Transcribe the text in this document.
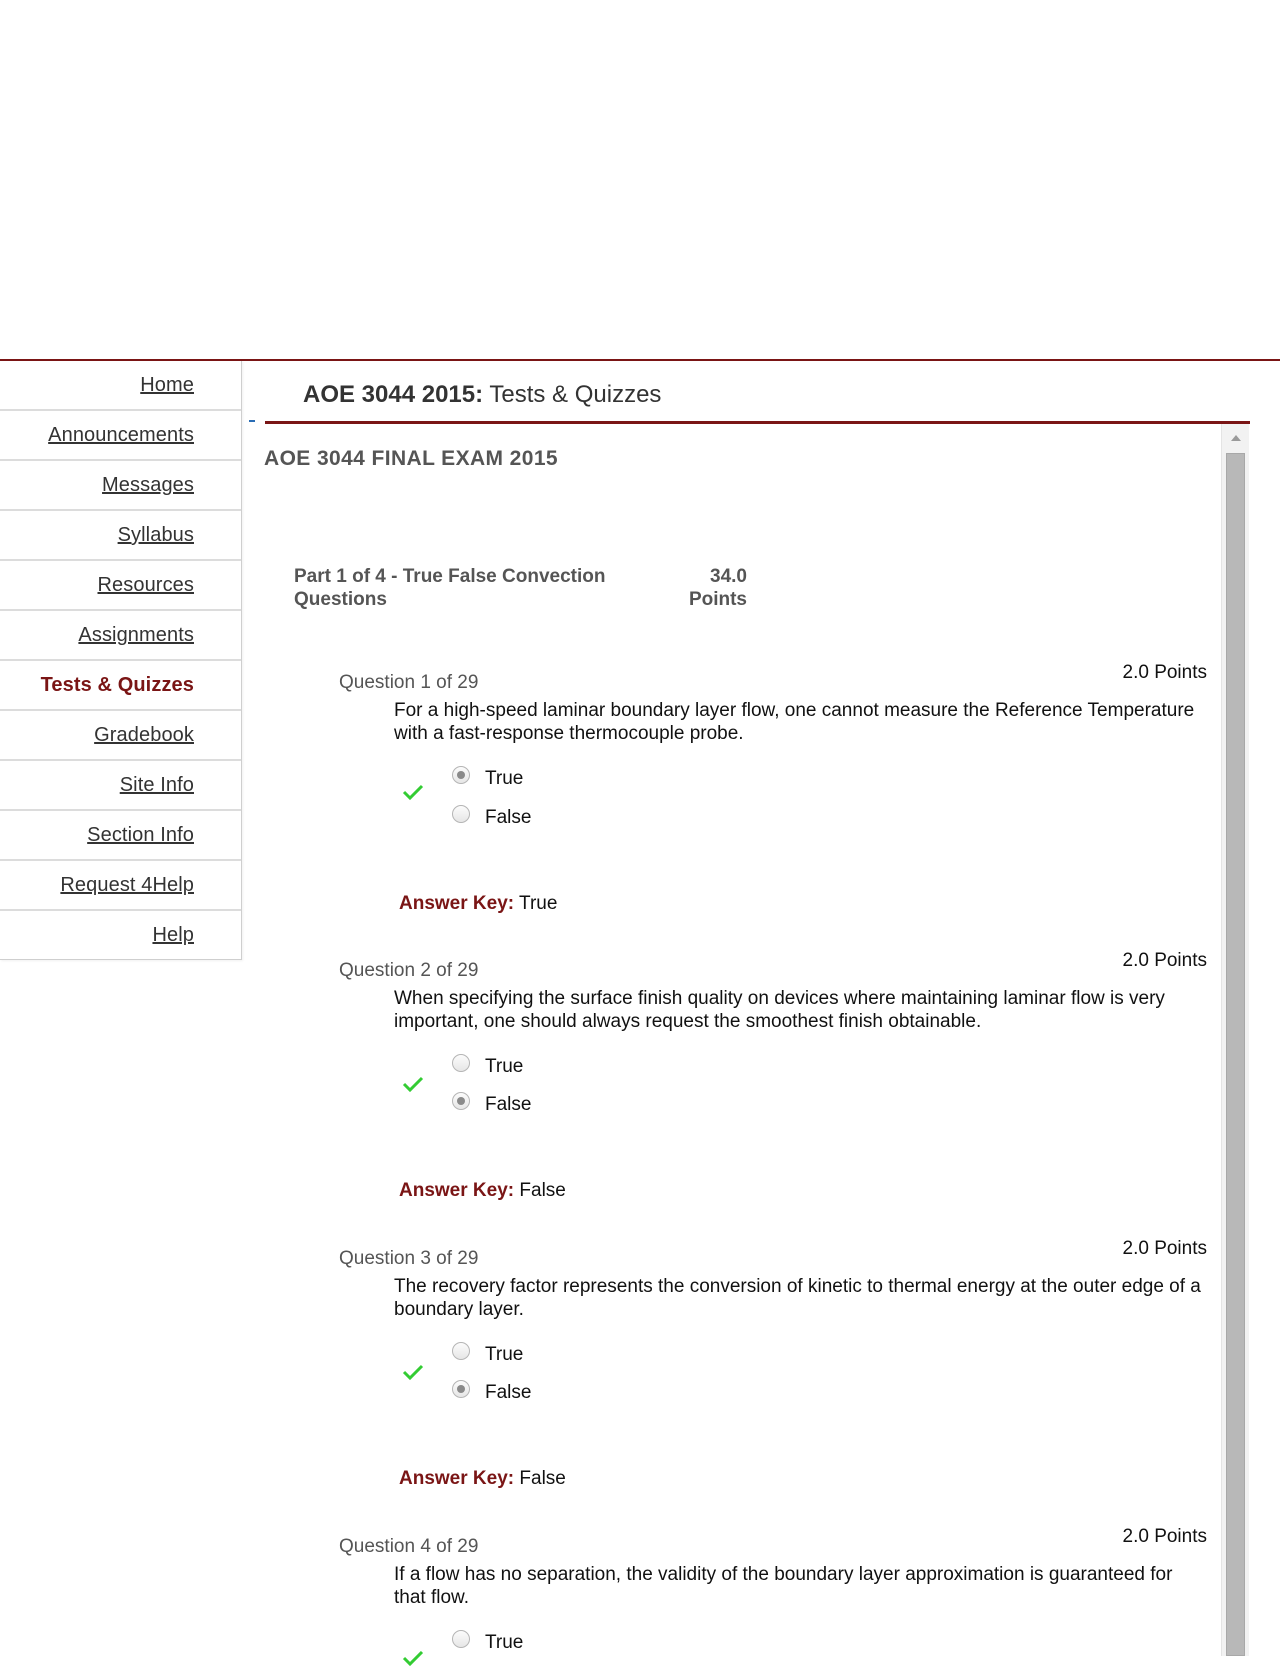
Home
Announcements
Messages
Syllabus
Resources
Assignments
Tests & Quizzes
Gradebook
Site Info
Section Info
Request 4Help
Help
AOE 3044 2015: Tests & Quizzes
AOE 3044 FINAL EXAM 2015
Part 1 of 4 - True False Convection Questions
34.0
Points
Question 1 of 29	2.0 Points
For a high-speed laminar boundary layer flow, one cannot measure the Reference Temperature with a fast-response thermocouple probe.
True
False
Answer Key: True
Question 2 of 29	2.0 Points
When specifying the surface finish quality on devices where maintaining laminar flow is very important, one should always request the smoothest finish obtainable.
True
False
Answer Key: False
Question 3 of 29	2.0 Points
The recovery factor represents the conversion of kinetic to thermal energy at the outer edge of a boundary layer.
True
False
Answer Key: False
Question 4 of 29	2.0 Points
If a flow has no separation, the validity of the boundary layer approximation is guaranteed for that flow.
True
